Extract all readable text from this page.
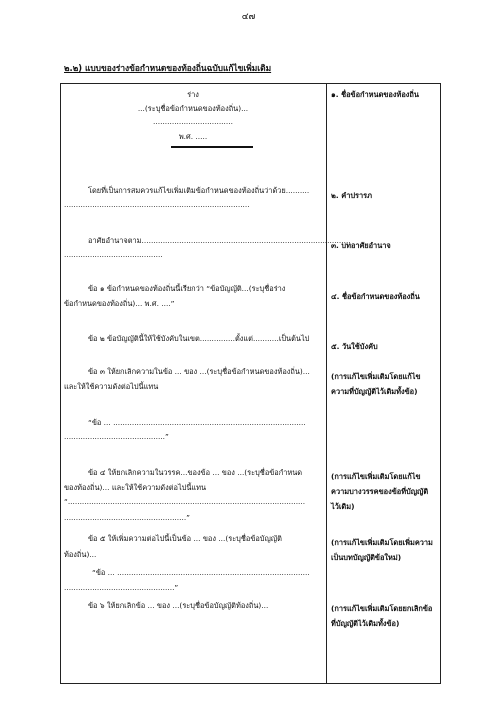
๔๗
๒.๒) แบบของร่างข้อกำหนดของท้องถิ่นฉบับแก้ไขเพิ่มเติม
ร่าง
...(ระบุชื่อข้อกำหนดของท้องถิ่น)...
..................................
พ.ศ. .....
โดยที่เป็นการสมควรแก้ไขเพิ่มเติมข้อกำหนดของท้องถิ่นว่าด้วย..........
...............................................................................
อาศัยอำนาจตาม.........................................................................................
..........................................
ข้อ ๑ ข้อกำหนดของท้องถิ่นนี้เรียกว่า “ข้อบัญญัติ...(ระบุชื่อร่าง
ข้อกำหนดของท้องถิ่น)... พ.ศ. ....”
ข้อ ๒ ข้อบัญญัตินี้ให้ใช้บังคับในเขต...............ตั้งแต่...........เป็นต้นไป
ข้อ ๓ ให้ยกเลิกความในข้อ ... ของ ...(ระบุชื่อข้อกำหนดของท้องถิ่น)...
และให้ใช้ความดังต่อไปนี้แทน
“ข้อ ... ..................................................................................
...........................................”
ข้อ ๔ ให้ยกเลิกความในวรรค...ของข้อ ... ของ ...(ระบุชื่อข้อกำหนด
ของท้องถิ่น)... และให้ใช้ความดังต่อไปนี้แทน
“.....................................................................................................
....................................................”
ข้อ ๕ ให้เพิ่มความต่อไปนี้เป็นข้อ ... ของ ...(ระบุชื่อข้อบัญญัติ
ท้องถิ่น)...
“ข้อ ... ..................................................................................
...............................................”
ข้อ ๖ ให้ยกเลิกข้อ ... ของ ...(ระบุชื่อข้อบัญญัติท้องถิ่น)...
๑. ชื่อข้อกำหนดของท้องถิ่น
๒. คำปรารภ
๓. บทอาศัยอำนาจ
๔. ชื่อข้อกำหนดของท้องถิ่น
๕. วันใช้บังคับ
(การแก้ไขเพิ่มเติมโดยแก้ไขความที่บัญญัติไว้เดิมทั้งข้อ)
(การแก้ไขเพิ่มเติมโดยแก้ไขความบางวรรคของข้อที่บัญญัติไว้เดิม)
(การแก้ไขเพิ่มเติมโดยเพิ่มความเป็นบทบัญญัติข้อใหม่)
(การแก้ไขเพิ่มเติมโดยยกเลิกข้อที่บัญญัติไว้เดิมทั้งข้อ)
